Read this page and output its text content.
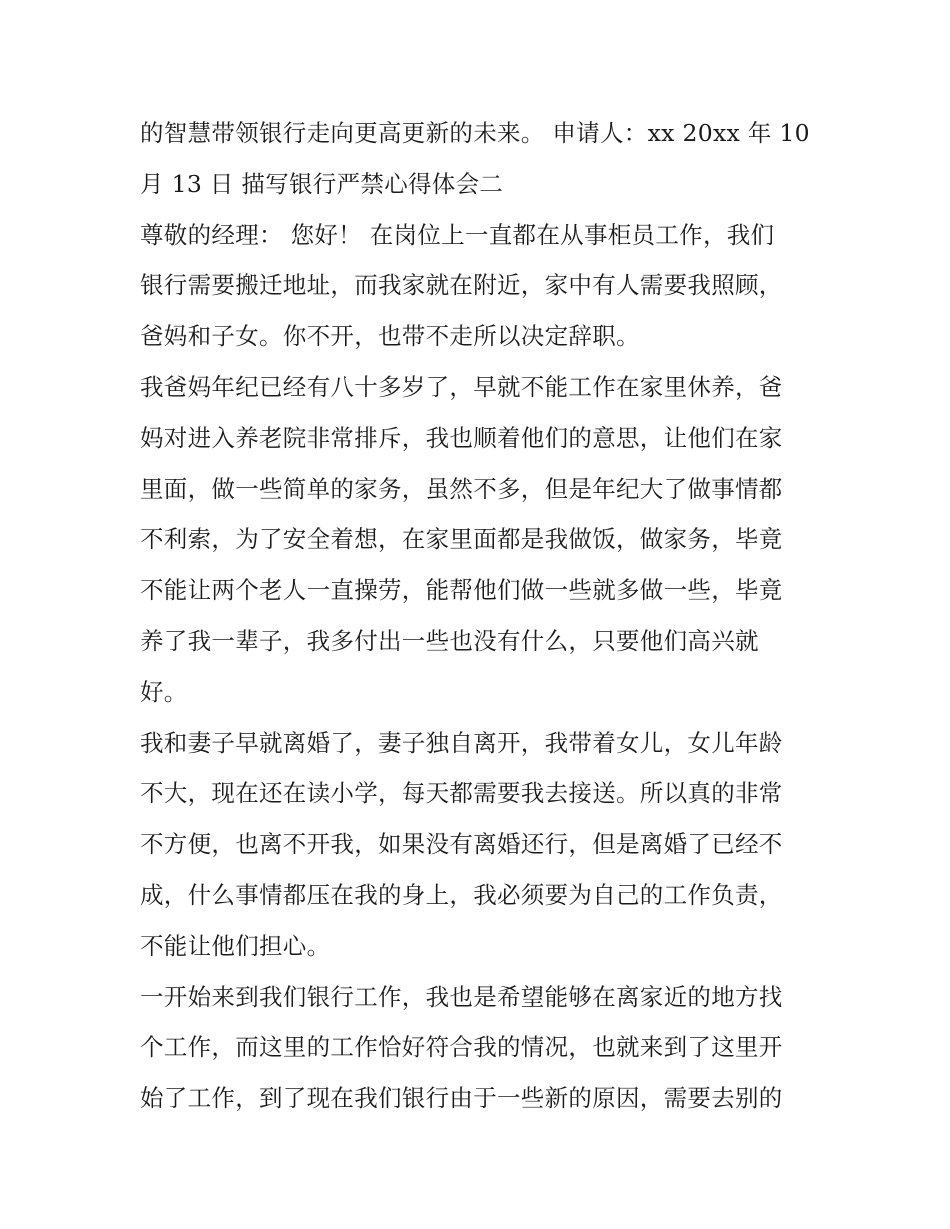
的智慧带领银行走向更高更新的未来。 申请人：xx 20xx 年 10
月 13 日 描写银行严禁心得体会二
尊敬的经理： 您好！ 在岗位上一直都在从事柜员工作，我们
银行需要搬迁地址，而我家就在附近，家中有人需要我照顾，
爸妈和子女。你不开，也带不走所以决定辞职。
我爸妈年纪已经有八十多岁了，早就不能工作在家里休养，爸
妈对进入养老院非常排斥，我也顺着他们的意思，让他们在家
里面，做一些简单的家务，虽然不多，但是年纪大了做事情都
不利索，为了安全着想，在家里面都是我做饭，做家务，毕竟
不能让两个老人一直操劳，能帮他们做一些就多做一些，毕竟
养了我一辈子，我多付出一些也没有什么，只要他们高兴就
好。
我和妻子早就离婚了，妻子独自离开，我带着女儿，女儿年龄
不大，现在还在读小学，每天都需要我去接送。所以真的非常
不方便，也离不开我，如果没有离婚还行，但是离婚了已经不
成，什么事情都压在我的身上，我必须要为自己的工作负责，
不能让他们担心。
一开始来到我们银行工作，我也是希望能够在离家近的地方找
个工作，而这里的工作恰好符合我的情况，也就来到了这里开
始了工作，到了现在我们银行由于一些新的原因，需要去别的
